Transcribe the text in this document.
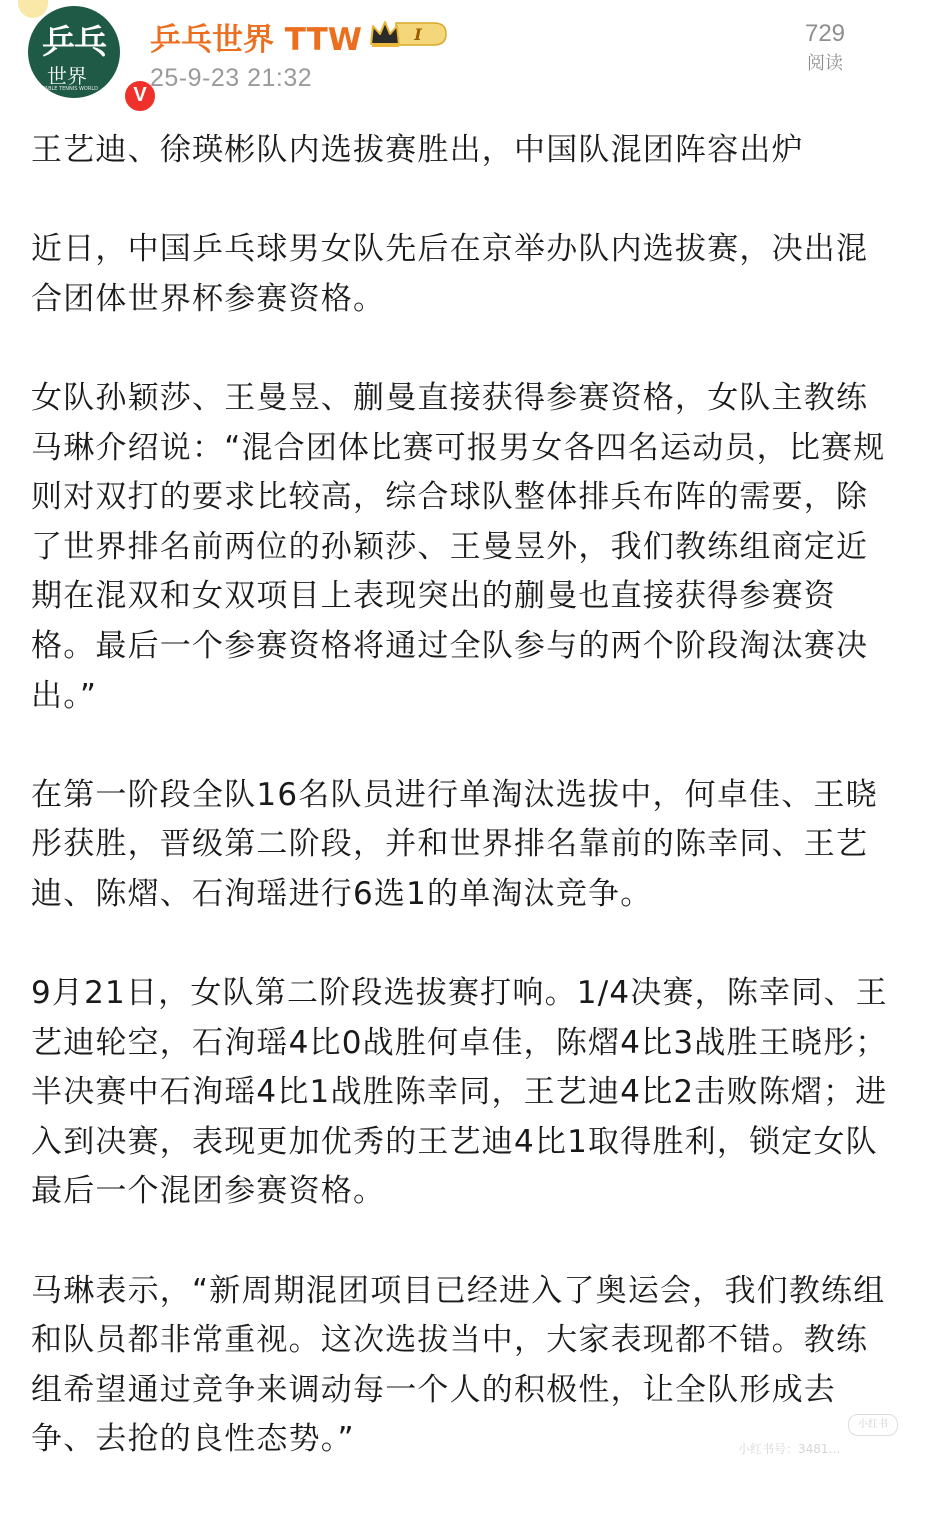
乒乓
世界
TABLE TENNIS WORLD	V
乒乓世界 TTW	I
25-9-23 21:32
729
阅读

王艺迪、徐瑛彬队内选拔赛胜出，中国队混团阵容出炉

近日，中国乒乓球男女队先后在京举办队内选拔赛，决出混合团体世界杯参赛资格。

女队孙颖莎、王曼昱、蒯曼直接获得参赛资格，女队主教练马琳介绍说：“混合团体比赛可报男女各四名运动员，比赛规则对双打的要求比较高，综合球队整体排兵布阵的需要，除了世界排名前两位的孙颖莎、王曼昱外，我们教练组商定近期在混双和女双项目上表现突出的蒯曼也直接获得参赛资格。最后一个参赛资格将通过全队参与的两个阶段淘汰赛决出。”

在第一阶段全队16名队员进行单淘汰选拔中，何卓佳、王晓彤获胜，晋级第二阶段，并和世界排名靠前的陈幸同、王艺迪、陈熠、石洵瑶进行6选1的单淘汰竞争。

9月21日，女队第二阶段选拔赛打响。1/4决赛，陈幸同、王艺迪轮空，石洵瑶4比0战胜何卓佳，陈熠4比3战胜王晓彤；半决赛中石洵瑶4比1战胜陈幸同，王艺迪4比2击败陈熠；进入到决赛，表现更加优秀的王艺迪4比1取得胜利，锁定女队最后一个混团参赛资格。

马琳表示，“新周期混团项目已经进入了奥运会，我们教练组和队员都非常重视。这次选拔当中，大家表现都不错。教练组希望通过竞争来调动每一个人的积极性，让全队形成去争、去抢的良性态势。”	小红书
小红书号：3481…
